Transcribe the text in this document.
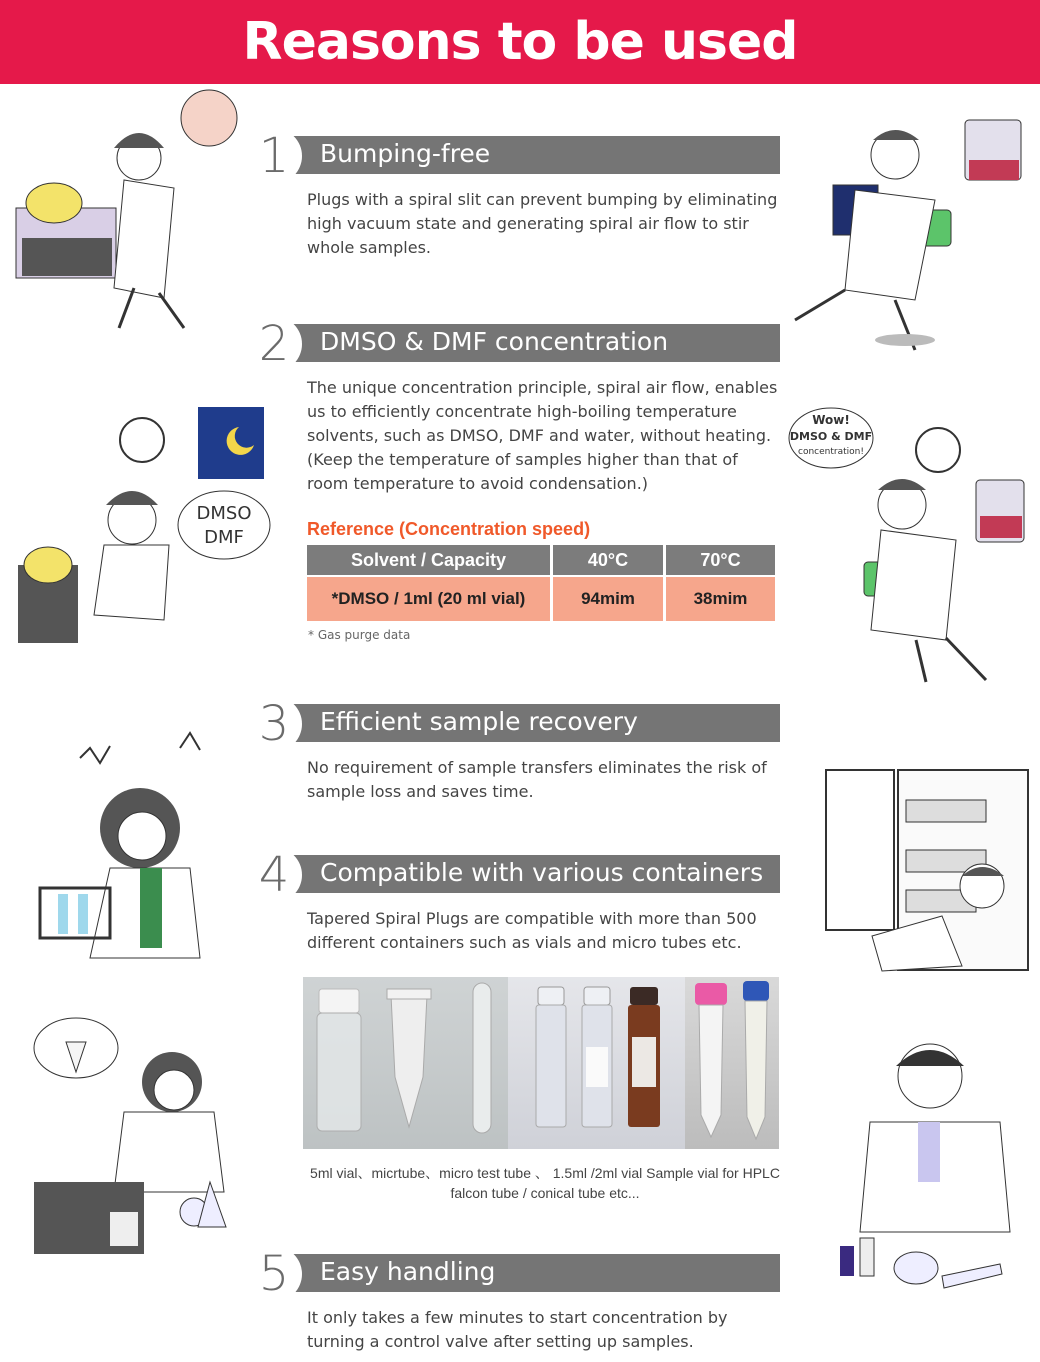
Reasons to be used
1	Bumping-free

Plugs with a spiral slit can prevent bumping by eliminating high vacuum state and generating spiral air flow to stir whole samples.

2	DMSO & DMF concentration

The unique concentration principle, spiral air flow, enables us to efficiently concentrate high-boiling temperature solvents, such as DMSO, DMF and water, without heating.(Keep the temperature of samples higher than that of room temperature to avoid condensation.)

Reference (Concentration speed)
Solvent / Capacity	40°C	70°C
*DMSO / 1ml (20 ml vial)	94mim	38mim
* Gas purge data
3	Efficient sample recovery

No requirement of sample transfers eliminates the risk of sample loss and saves time.

4	Compatible with various containers

Tapered Spiral Plugs are compatible with more than 500 different containers such as vials and micro tubes etc.

5ml vial、micrtube、micro test tube 、 1.5ml /2ml vial Sample vial for HPLC
falcon tube / conical tube etc...
5	Easy handling

It only takes a few minutes to start concentration by turning a control valve after setting up samples.

DMSO
DMF
Wow!
DMSO & DMF
concentration!
